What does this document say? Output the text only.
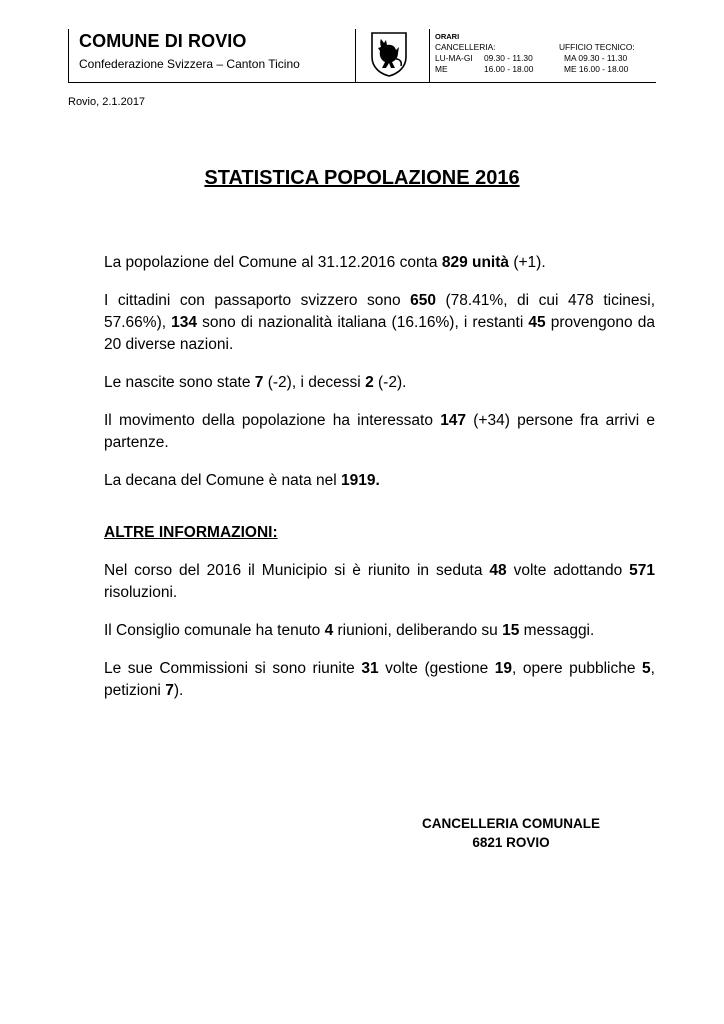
COMUNE DI ROVIO
Confederazione Svizzera – Canton Ticino
ORARI
CANCELLERIA:	UFFICIO TECNICO:
LU-MA-GI 09.30 - 11.30	MA 09.30 - 11.30
ME	16.00 - 18.00	ME 16.00 - 18.00
Rovio, 2.1.2017
STATISTICA POPOLAZIONE 2016

La popolazione del Comune al 31.12.2016 conta 829 unità (+1).

I cittadini con passaporto svizzero sono 650 (78.41%, di cui 478 ticinesi, 57.66%), 134 sono di nazionalità italiana (16.16%), i restanti 45 provengono da 20 diverse nazioni.

Le nascite sono state 7 (-2), i decessi 2 (-2).

Il movimento della popolazione ha interessato 147 (+34) persone fra arrivi e partenze.

La decana del Comune è nata nel 1919.

ALTRE INFORMAZIONI:

Nel corso del 2016 il Municipio si è riunito in seduta 48 volte adottando 571 risoluzioni.

Il Consiglio comunale ha tenuto 4 riunioni, deliberando su 15 messaggi.

Le sue Commissioni si sono riunite 31 volte (gestione 19, opere pubbliche 5, petizioni 7).

CANCELLERIA COMUNALE
6821 ROVIO
